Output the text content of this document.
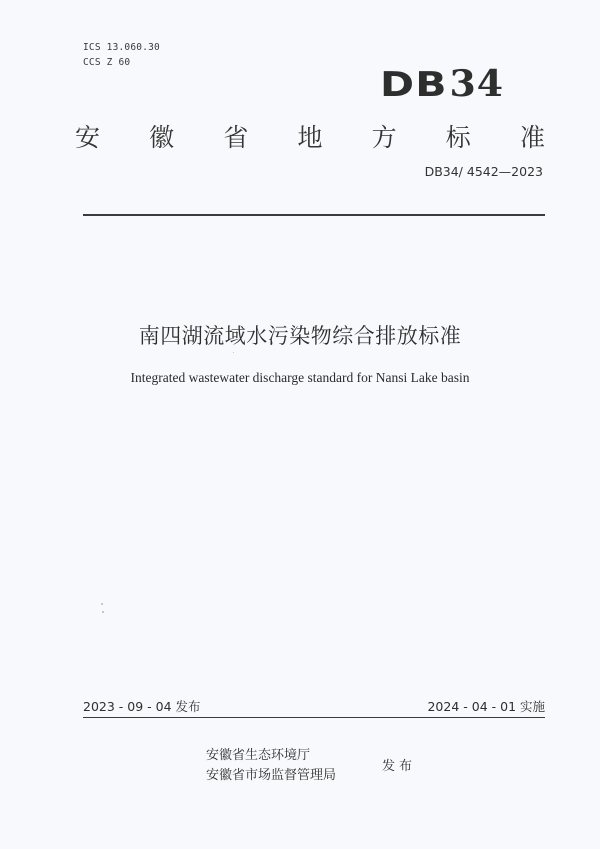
ICS 13.060.30
CCS Z 60
DB34
安 徽 省 地 方 标 准
DB34/ 4542—2023
南四湖流域水污染物综合排放标准
Integrated wastewater discharge standard for Nansi Lake basin
2023 - 09 - 04 发布	2024 - 04 - 01 实施
安徽省生态环境厅
安徽省市场监督管理局
发布
